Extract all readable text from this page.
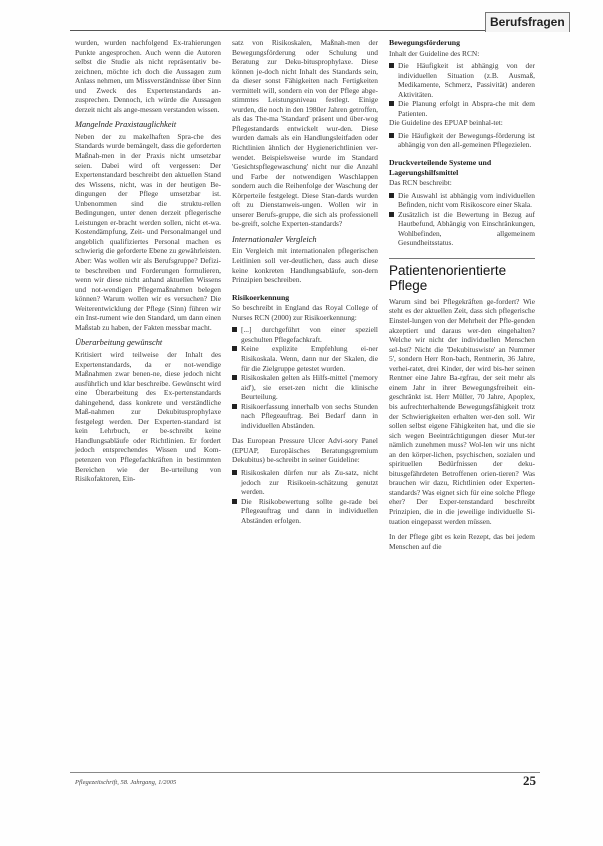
Berufsfragen

wurden, wurden nachfolgend Ex-trahierungen Punkte angesprochen. Auch wenn die Autoren selbst die Studie als nicht repräsentativ be-zeichnen, möchte ich doch die Aussagen zum Anlass nehmen, um Missverständnisse über Sinn und Zweck des Expertenstandards an-zusprechen. Dennoch, ich würde die Aussagen derzeit nicht als ange-messen verstanden wissen.

Mangelnde Praxistauglichkeit

Neben der zu makelhaften Spra-che des Standards wurde bemängelt, dass die geforderten Maßnah-men in der Praxis nicht umsetzbar seien. Dabei wird oft vergessen: Der Expertenstandard beschreibt den aktuellen Stand des Wissens, nicht, was in der heutigen Be-dingungen der Pflege umsetzbar ist. Unbenommen sind die struktu-rellen Bedingungen, unter denen derzeit pflegerische Leistungen er-bracht werden sollen, nicht et-wa. Kostendämpfung, Zeit- und Personalmangel und angeblich qualifiziertes Personal machen es schwierig die geforderte Ebene zu gewährleisten. Aber: Was wollen wir als Berufsgruppe? Defizi-te beschreiben und Forderungen formulieren, wenn wir diese nicht anhand aktuellen Wissens und not-wendigen Pflegemaßnahmen belegen können? Warum wollen wir es versuchen? Die Weiterentwicklung der Pflege (Sinn) führen wir ein Inst-rument wie den Standard, um dann einen Maßstab zu haben, der Fakten messbar macht.

Überarbeitung gewünscht

Kritisiert wird teilweise der Inhalt des Expertenstandards, da er not-wendige Maßnahmen zwar benen-ne, diese jedoch nicht ausführlich und klar beschreibe. Gewünscht wird eine Überarbeitung des Ex-pertenstandards dahingehend, dass konkrete und verständliche Maß-nahmen zur Dekubitusprophylaxe festgelegt werden. Der Experten-standard ist kein Lehrbuch, er be-schreibt keine Handlungsabläufe oder Richtlinien. Er fordert jedoch entsprechendes Wissen und Kom-petenzen von Pflegefachkräften in bestimmten Bereichen wie der Be-urteilung von Risikofaktoren, Ein-

satz von Risikoskalen, Maßnah-men der Bewegungsförderung oder Schulung und Beratung zur Deku-bitusprophylaxe. Diese können je-doch nicht Inhalt des Standards sein, da dieser sonst Fähigkeiten nach Fertigkeiten vermittelt will, sondern ein von der Pflege abge-stimmtes Leistungsniveau festlegt. Einige wurden, die noch in den 1980er Jahren getroffen, als das The-ma 'Standard' präsent und über-wog Pflegestandards entwickelt wur-den. Diese wurden damals als ein Handlungsleitfaden oder Richtlinien ähnlich der Hygienerichtlinien ver-wendet. Beispielsweise wurde im Standard 'Gesichtspflegewaschung' nicht nur die Anzahl und Farbe der notwendigen Waschlappen sondern auch die Reihenfolge der Waschung der Körperteile festgelegt. Diese Stan-dards wurden oft zu Dienstanweis-ungen. Wollen wir in unserer Berufs-gruppe, die sich als professionell be-greift, solche Experten-standards?

Internationaler Vergleich

Ein Vergleich mit internationalen pflegerischen Leitlinien soll ver-deutlichen, dass auch diese keine konkreten Handlungsabläufe, son-dern Prinzipien beschreiben.

Risikoerkennung

So beschreibt in England das Royal College of Nurses RCN (2000) zur Risikoerkennung:

[...] durchgeführt von einer speziell geschulten Pflegefachkraft.

Keine explizite Empfehlung ei-ner Risikoskala. Wenn, dann nur der Skalen, die für die Zielgruppe getestet wurden.

Risikoskalen gelten als Hilfs-mittel ('memory aid'), sie erset-zen nicht die klinische Beurteilung.

Risikoerfassung innerhalb von sechs Stunden nach Pflegeauftrag. Bei Bedarf dann in individuellen Abständen.

Das European Pressure Ulcer Advi-sory Panel (EPUAP, Europäisches Beratungsgremium Dekubitus) be-schreibt in seiner Guideline:

Risikoskalen dürfen nur als Zu-satz, nicht jedoch zur Risikoein-schätzung genutzt werden.

Die Risikobewertung sollte ge-rade bei Pflegeauftrag und dann in individuellen Abständen erfolgen.

Bewegungsförderung

Inhalt der Guideline des RCN:

Die Häufigkeit ist abhängig von der individuellen Situation (z.B. Ausmaß, Medikamente, Schmerz, Passivität) anderen Aktivitäten.

Die Planung erfolgt in Abspra-che mit dem Patienten.

Die Guideline des EPUAP beinhal-tet:

Die Häufigkeit der Bewegungs-förderung ist abhängig von den all-gemeinen Pflegezielen.

Druckverteilende Systeme und Lagerungshilfsmittel

Das RCN beschreibt:

Die Auswahl ist abhängig vom individuellen Befinden, nicht vom Risikoscore einer Skala.

Zusätzlich ist die Bewertung in Bezug auf Hautbefund, Abhängig von Einschränkungen, Wohlbefinden, allgemeinem Gesundheitsstatus.

Patientenorientierte Pflege

Warum sind bei Pflegekräften ge-fordert? Wie steht es der aktuellen Zeit, dass sich pflegerische Einstel-lungen von der Mehrheit der Pfle-genden akzeptiert und daraus wer-den eingehalten? Welche wir nicht der individuellen Menschen sel-bst? Nicht die 'Dekubituswiste' an Nummer 5', sondern Herr Ron-bach, Rentnerin, 36 Jahre, verhei-ratet, drei Kinder, der wird bis-her seinen Rentner eine Jahre Ba-rgfrau, der seit mehr als einem Jahr in ihrer Bewegungsfreiheit ein-geschränkt ist. Herr Müller, 70 Jahre, Apoplex, bis aufrechterhaltende Bewegungsfähigkeit trotz der Schwierigkeiten erhalten wer-den soll. Wir sollen selbst eigene Fähigkeiten hat, und die sie sich wegen Beeinträchtigungen dieser Mut-ter nämlich zunehmen muss? Wol-len wir uns nicht an den körper-lichen, psychischen, sozialen und spirituellen Bedürfnissen der deku-bitusgefährdeten Betroffenen orien-tieren? Was brauchen wir dazu, Richtlinien oder Experten-standards? Was eignet sich für eine solche Pflege eher? Der Exper-tenstandard beschreibt Prinzipien, die in die jeweilige individuelle Si-tuation eingepasst werden müssen.

In der Pflege gibt es kein Rezept, das bei jedem Menschen auf die

Pflegezeitschrift, 58. Jahrgang, 1/2005	25
